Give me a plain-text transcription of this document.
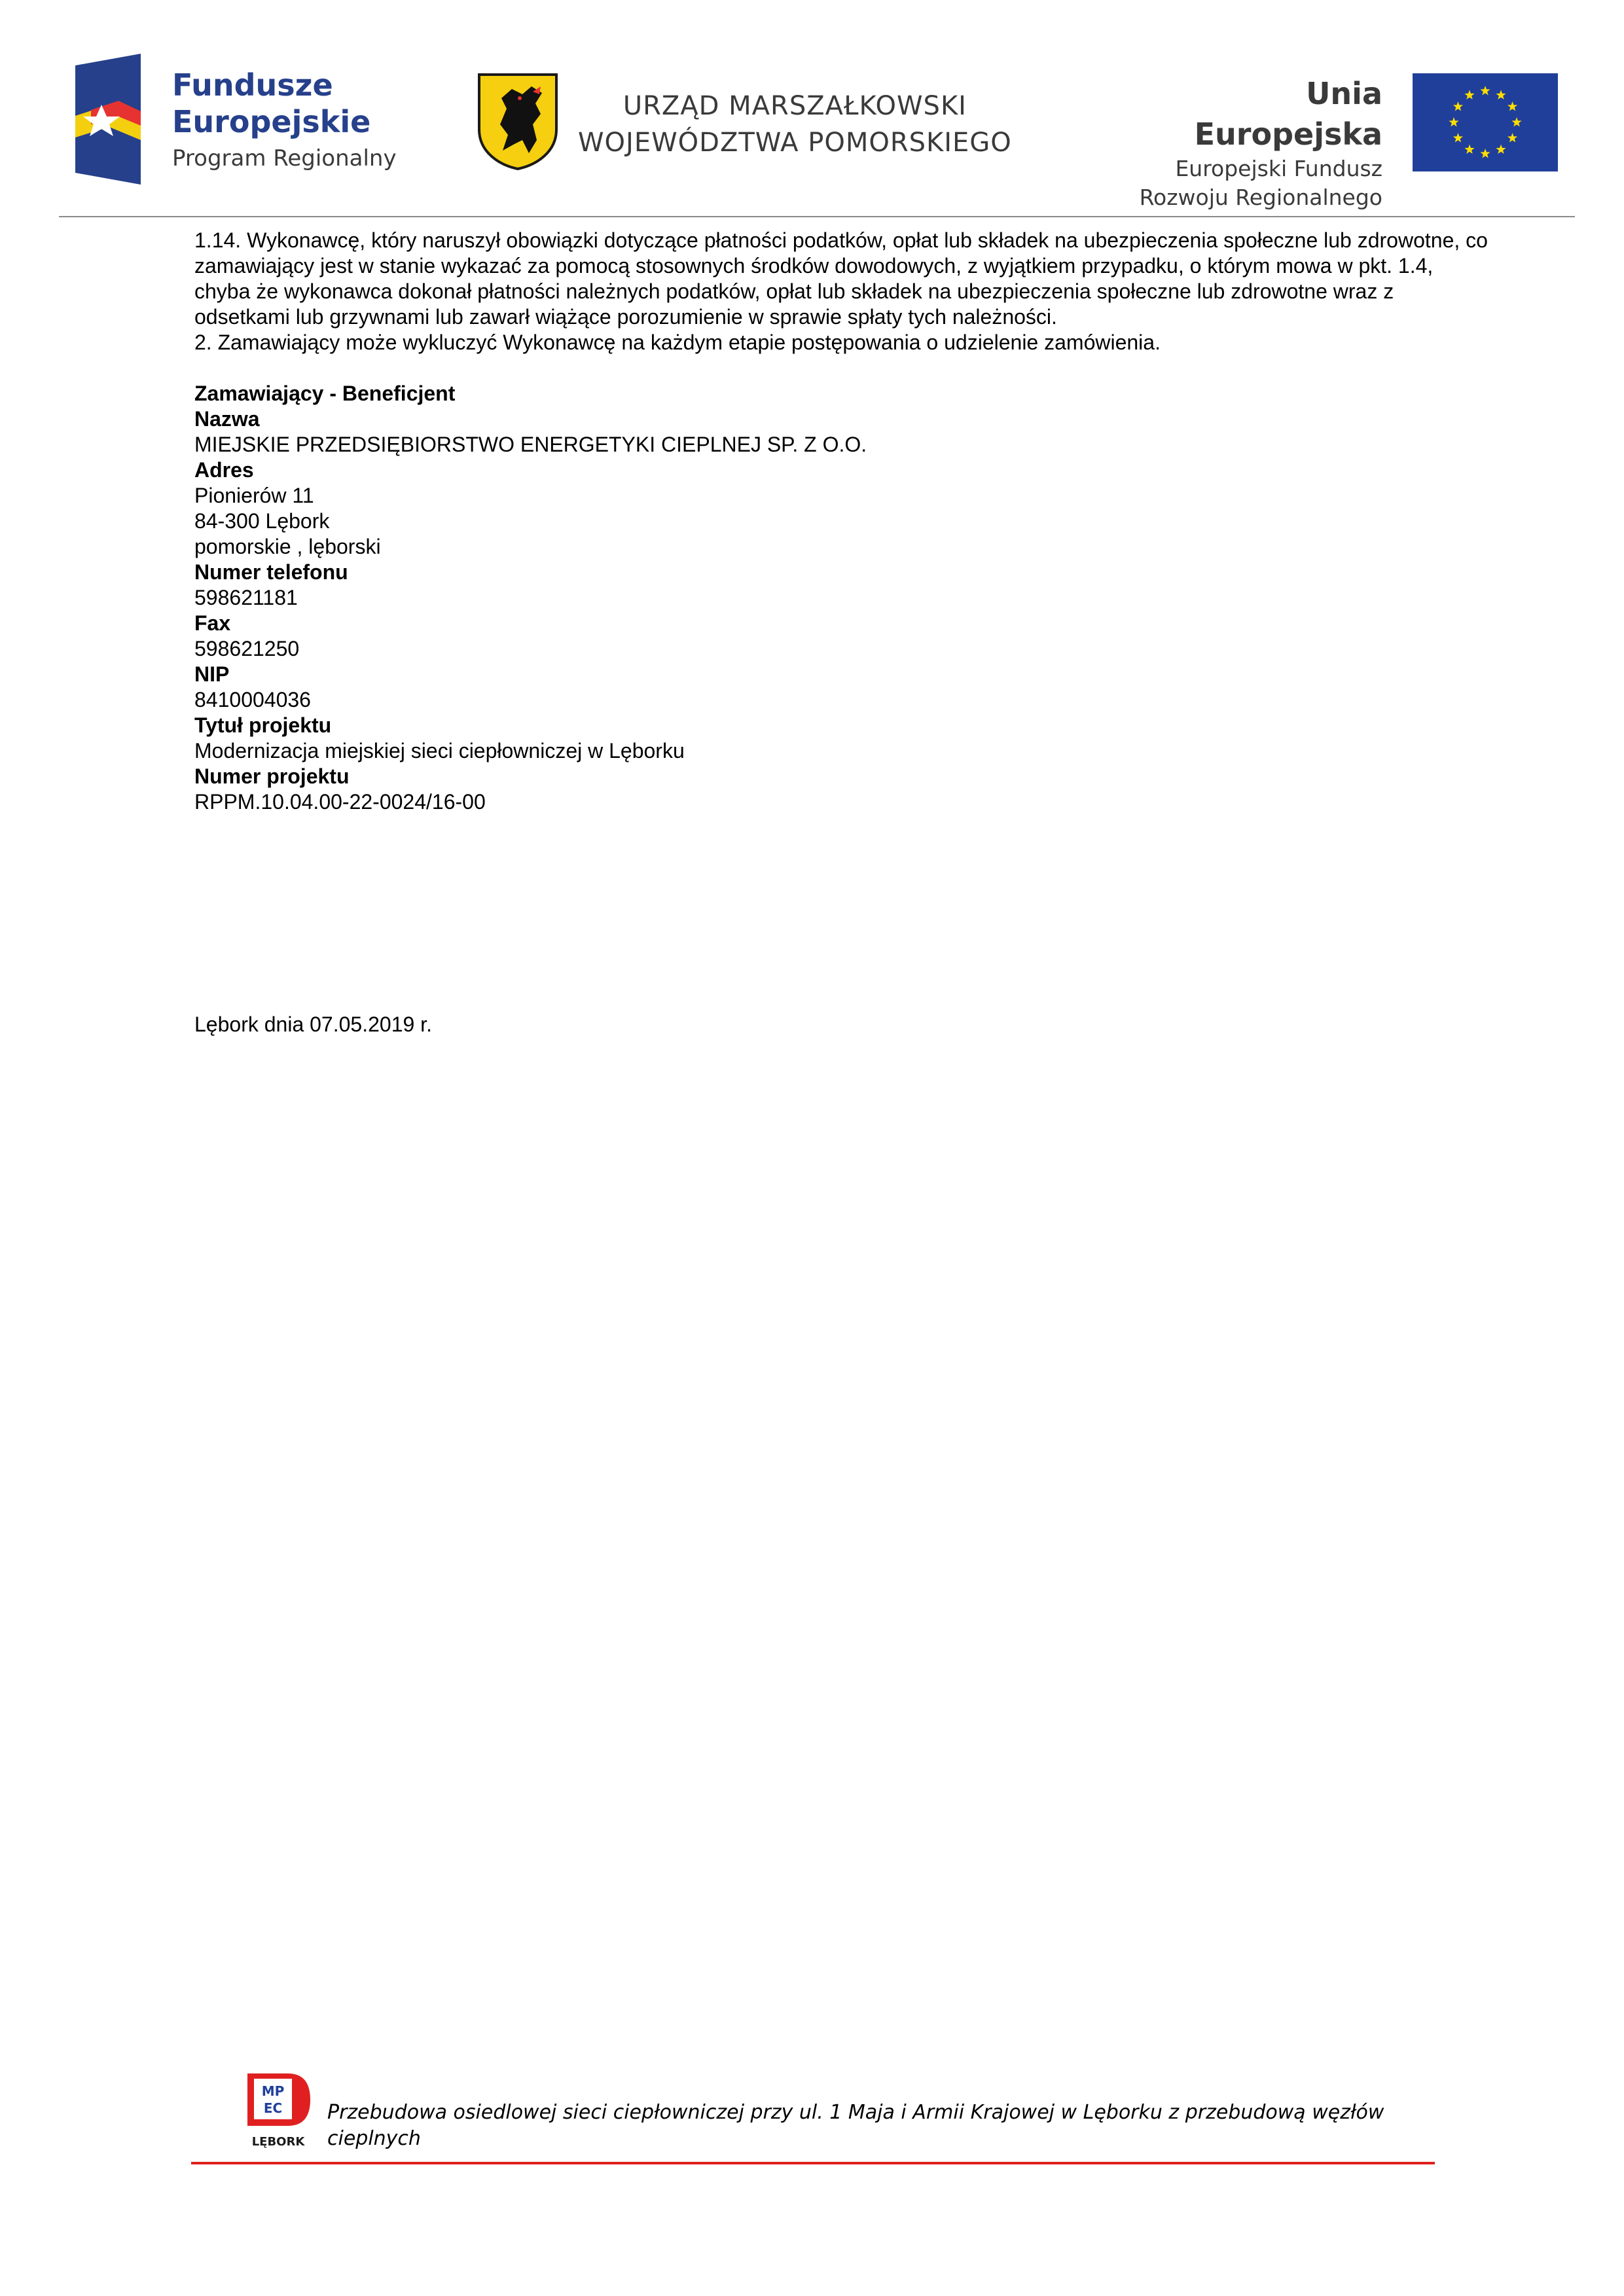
Fundusze
Europejskie
Program Regionalny
URZĄD MARSZAŁKOWSKI
WOJEWÓDZTWA POMORSKIEGO
Unia Europejska
Europejski Fundusz
Rozwoju Regionalnego

1.14. Wykonawcę, który naruszył obowiązki dotyczące płatności podatków, opłat lub składek na ubezpieczenia społeczne lub zdrowotne, co zamawiający jest w stanie wykazać za pomocą stosownych środków dowodowych, z wyjątkiem przypadku, o którym mowa w pkt. 1.4, chyba że wykonawca dokonał płatności należnych podatków, opłat lub składek na ubezpieczenia społeczne lub zdrowotne wraz z odsetkami lub grzywnami lub zawarł wiążące porozumienie w sprawie spłaty tych należności.

2. Zamawiający może wykluczyć Wykonawcę na każdym etapie postępowania o udzielenie zamówienia.

Zamawiający - Beneficjent

Nazwa

MIEJSKIE PRZEDSIĘBIORSTWO ENERGETYKI CIEPLNEJ SP. Z O.O.

Adres

Pionierów 11

84-300 Lębork

pomorskie , lęborski

Numer telefonu

598621181

Fax

598621250

NIP

8410004036

Tytuł projektu

Modernizacja miejskiej sieci ciepłowniczej w Lęborku

Numer projektu

RPPM.10.04.00-22-0024/16-00

Lębork dnia 07.05.2019 r.
MP
EC
LĘBORK
Przebudowa osiedlowej sieci ciepłowniczej przy ul. 1 Maja i Armii Krajowej w Lęborku z przebudową węzłów cieplnych
